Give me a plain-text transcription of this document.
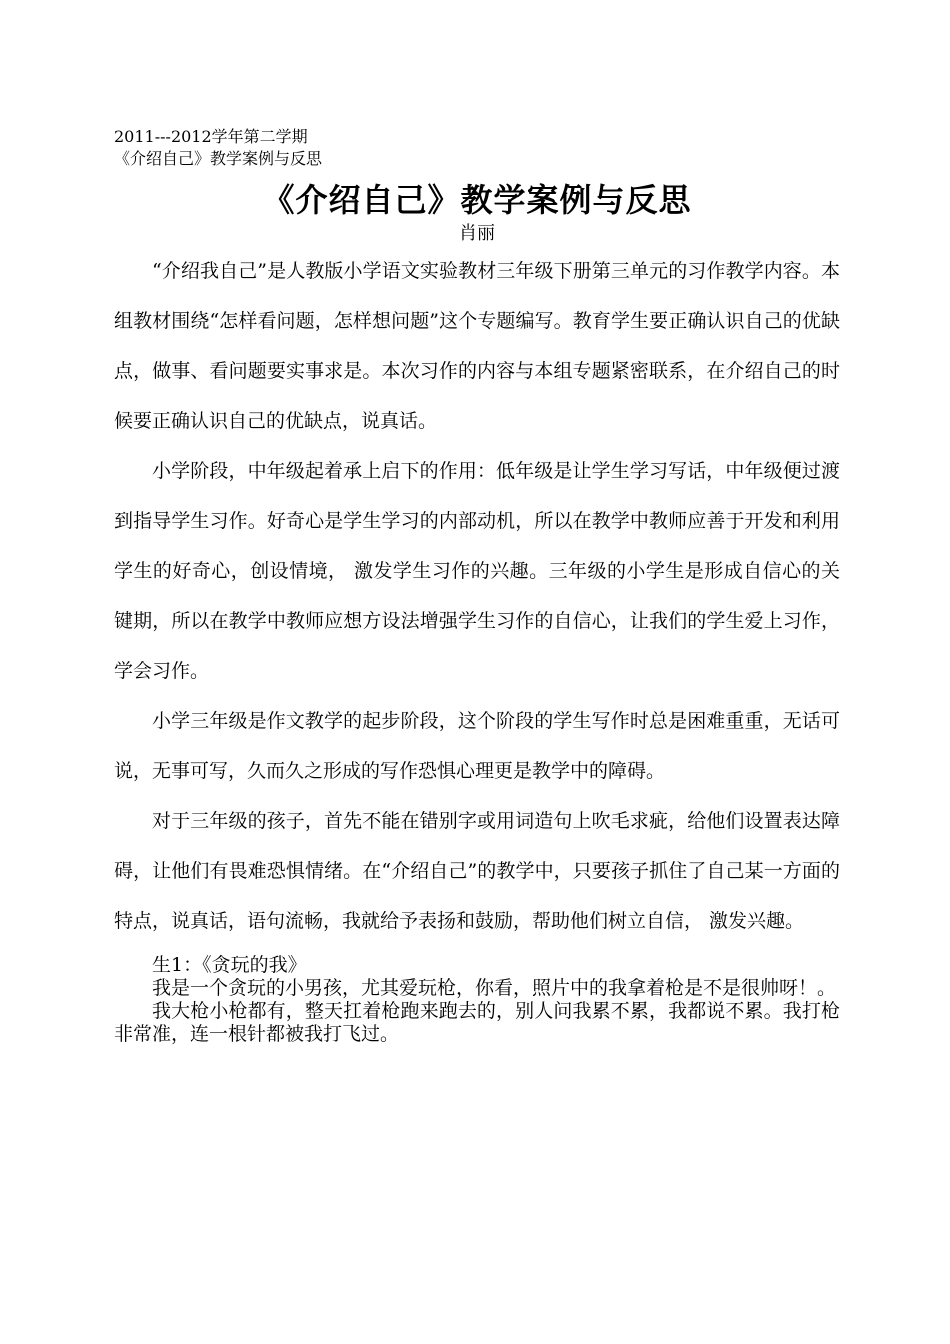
2011---2012学年第二学期

《介绍自己》教学案例与反思

《介绍自己》教学案例与反思

肖丽

“介绍我自己”是人教版小学语文实验教材三年级下册第三单元的习作教学内容。本组教材围绕“怎样看问题，怎样想问题”这个专题编写。教育学生要正确认识自己的优缺点，做事、看问题要实事求是。本次习作的内容与本组专题紧密联系，在介绍自己的时候要正确认识自己的优缺点，说真话。

小学阶段，中年级起着承上启下的作用：低年级是让学生学习写话，中年级便过渡到指导学生习作。好奇心是学生学习的内部动机，所以在教学中教师应善于开发和利用学生的好奇心，创设情境， 激发学生习作的兴趣。三年级的小学生是形成自信心的关键期，所以在教学中教师应想方设法增强学生习作的自信心，让我们的学生爱上习作，学会习作。

小学三年级是作文教学的起步阶段，这个阶段的学生写作时总是困难重重，无话可说，无事可写，久而久之形成的写作恐惧心理更是教学中的障碍。

对于三年级的孩子，首先不能在错别字或用词造句上吹毛求疵，给他们设置表达障碍，让他们有畏难恐惧情绪。在“介绍自己”的教学中，只要孩子抓住了自己某一方面的特点，说真话，语句流畅，我就给予表扬和鼓励，帮助他们树立自信， 激发兴趣。

生1：《贪玩的我》

我是一个贪玩的小男孩，尤其爱玩枪，你看，照片中的我拿着枪是不是很帅呀！。

我大枪小枪都有，整天扛着枪跑来跑去的，别人问我累不累，我都说不累。我打枪非常准，连一根针都被我打飞过。
